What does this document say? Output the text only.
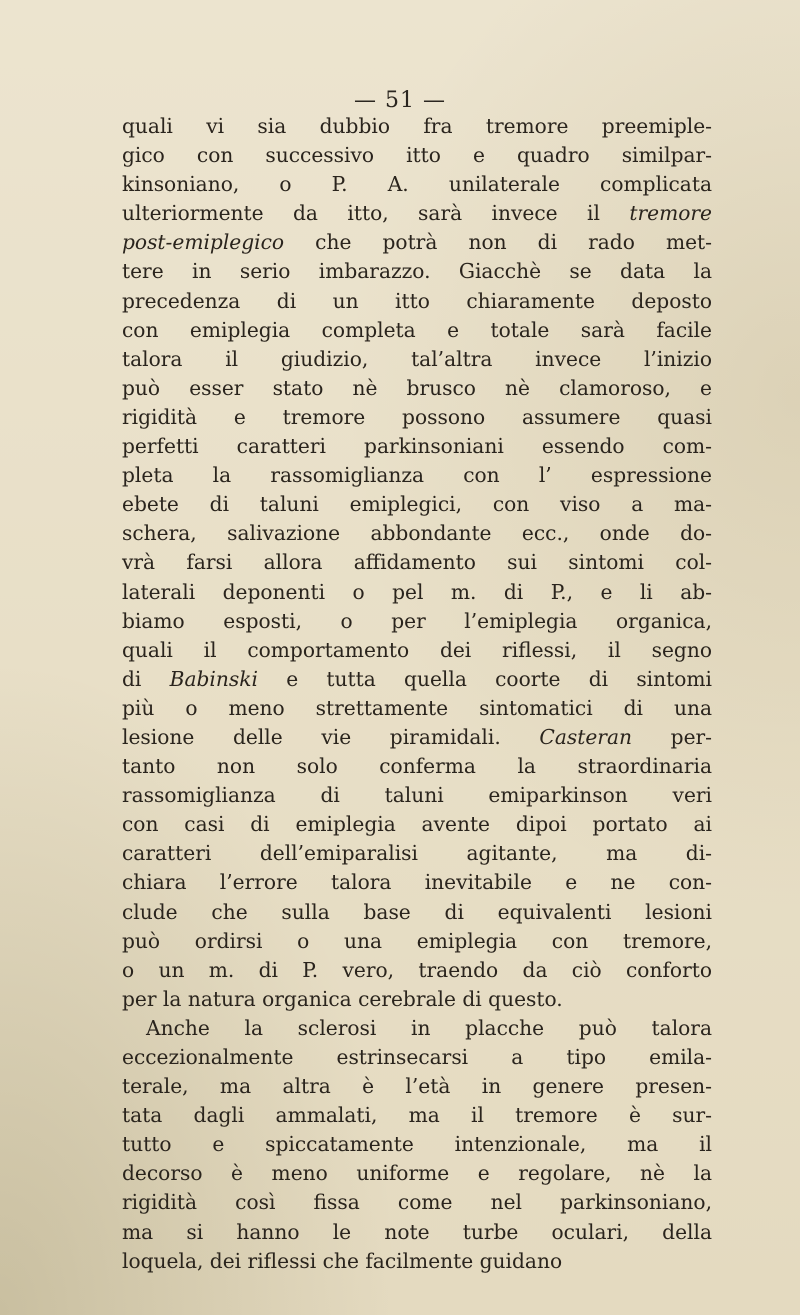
— 51 —
quali vi sia dubbio fra tremore preemiple-
gico con successivo itto e quadro similpar-
kinsoniano, o P. A. unilaterale complicata
ulteriormente da itto, sarà invece il tremore
post-emiplegico che potrà non di rado met-
tere in serio imbarazzo. Giacchè se data la
precedenza di un itto chiaramente deposto
con emiplegia completa e totale sarà facile
talora il giudizio, tal’altra invece l’inizio
può esser stato nè brusco nè clamoroso, e
rigidità e tremore possono assumere quasi
perfetti caratteri parkinsoniani essendo com-
pleta la rassomiglianza con l’ espressione
ebete di taluni emiplegici, con viso a ma-
schera, salivazione abbondante ecc., onde do-
vrà farsi allora affidamento sui sintomi col-
laterali deponenti o pel m. di P., e li ab-
biamo esposti, o per l’emiplegia organica,
quali il comportamento dei riflessi, il segno
di Babinski e tutta quella coorte di sintomi
più o meno strettamente sintomatici di una
lesione delle vie piramidali. Casteran per-
tanto non solo conferma la straordinaria
rassomiglianza di taluni emiparkinson veri
con casi di emiplegia avente dipoi portato ai
caratteri dell’emiparalisi agitante, ma di-
chiara l’errore talora inevitabile e ne con-
clude che sulla base di equivalenti lesioni
può ordirsi o una emiplegia con tremore,
o un m. di P. vero, traendo da ciò conforto
per la natura organica cerebrale di questo.
Anche la sclerosi in placche può talora
eccezionalmente estrinsecarsi a tipo emila-
terale, ma altra è l’età in genere presen-
tata dagli ammalati, ma il tremore è sur-
tutto e spiccatamente intenzionale, ma il
decorso è meno uniforme e regolare, nè la
rigidità così fissa come nel parkinsoniano,
ma si hanno le note turbe oculari, della
loquela, dei riflessi che facilmente guidano
